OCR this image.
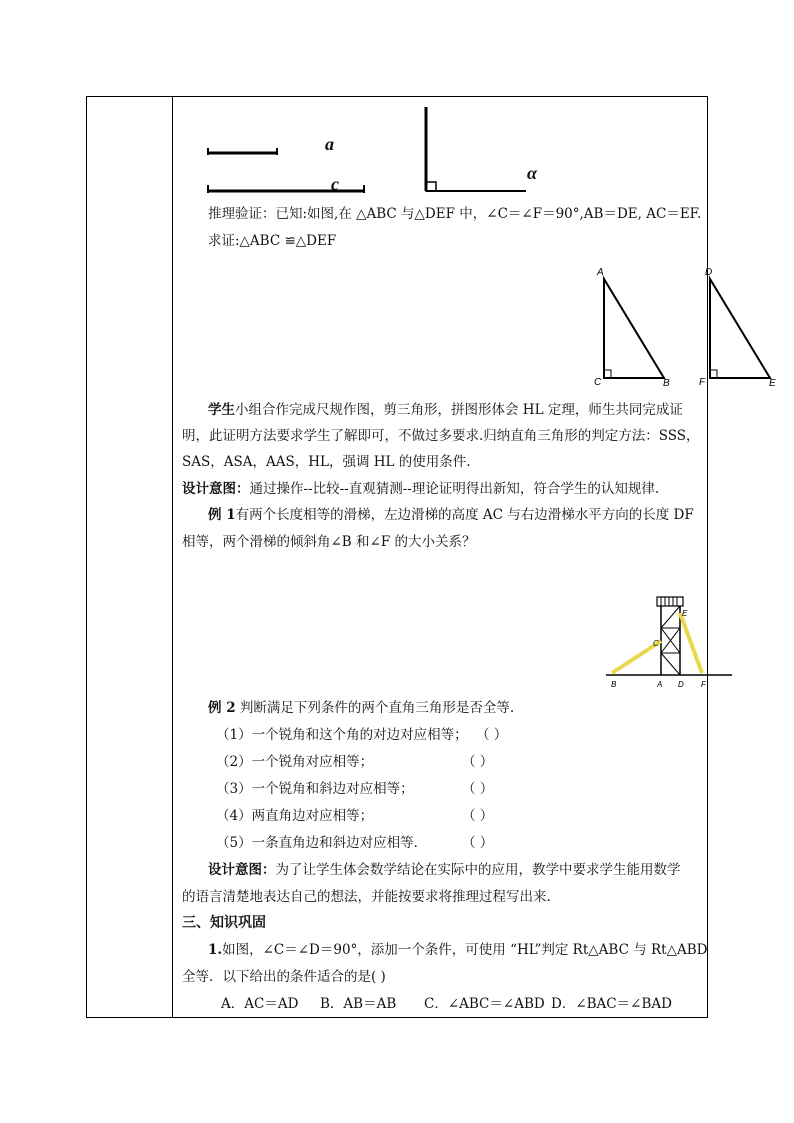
a
c
α
推理验证：已知:如图,在 △ABC 与△DEF 中，∠C＝∠F＝90°,AB＝DE, AC＝EF.
求证:△ABC ≌△DEF
A
C	B
D
F	E
学生小组合作完成尺规作图，剪三角形，拼图形体会 HL 定理，师生共同完成证
明，此证明方法要求学生了解即可，不做过多要求.归纳直角三角形的判定方法：SSS，
SAS，ASA，AAS，HL，强调 HL 的使用条件.
设计意图：通过操作--比较--直观猜测--理论证明得出新知，符合学生的认知规律.
例 1有两个长度相等的滑梯，左边滑梯的高度 AC 与右边滑梯水平方向的长度 DF
相等，两个滑梯的倾斜角∠B 和∠F 的大小关系？
B	A D F
C
E
例 2 判断满足下列条件的两个直角三角形是否全等.
（1）一个锐角和这个角的对边对应相等； （ ）
（2）一个锐角对应相等；	（ ）
（3）一个锐角和斜边对应相等；	（ ）
（4）两直角边对应相等；	（ ）
（5）一条直角边和斜边对应相等．	（ ）
设计意图：为了让学生体会数学结论在实际中的应用，教学中要求学生能用数学
的语言清楚地表达自己的想法，并能按要求将推理过程写出来.
三、知识巩固
1.如图，∠C＝∠D＝90°，添加一个条件，可使用 “HL”判定 Rt△ABC 与 Rt△ABD
全等．以下给出的条件适合的是( )
A．AC＝AD B．AB＝AB C．∠ABC＝∠ABD D．∠BAC＝∠BAD
